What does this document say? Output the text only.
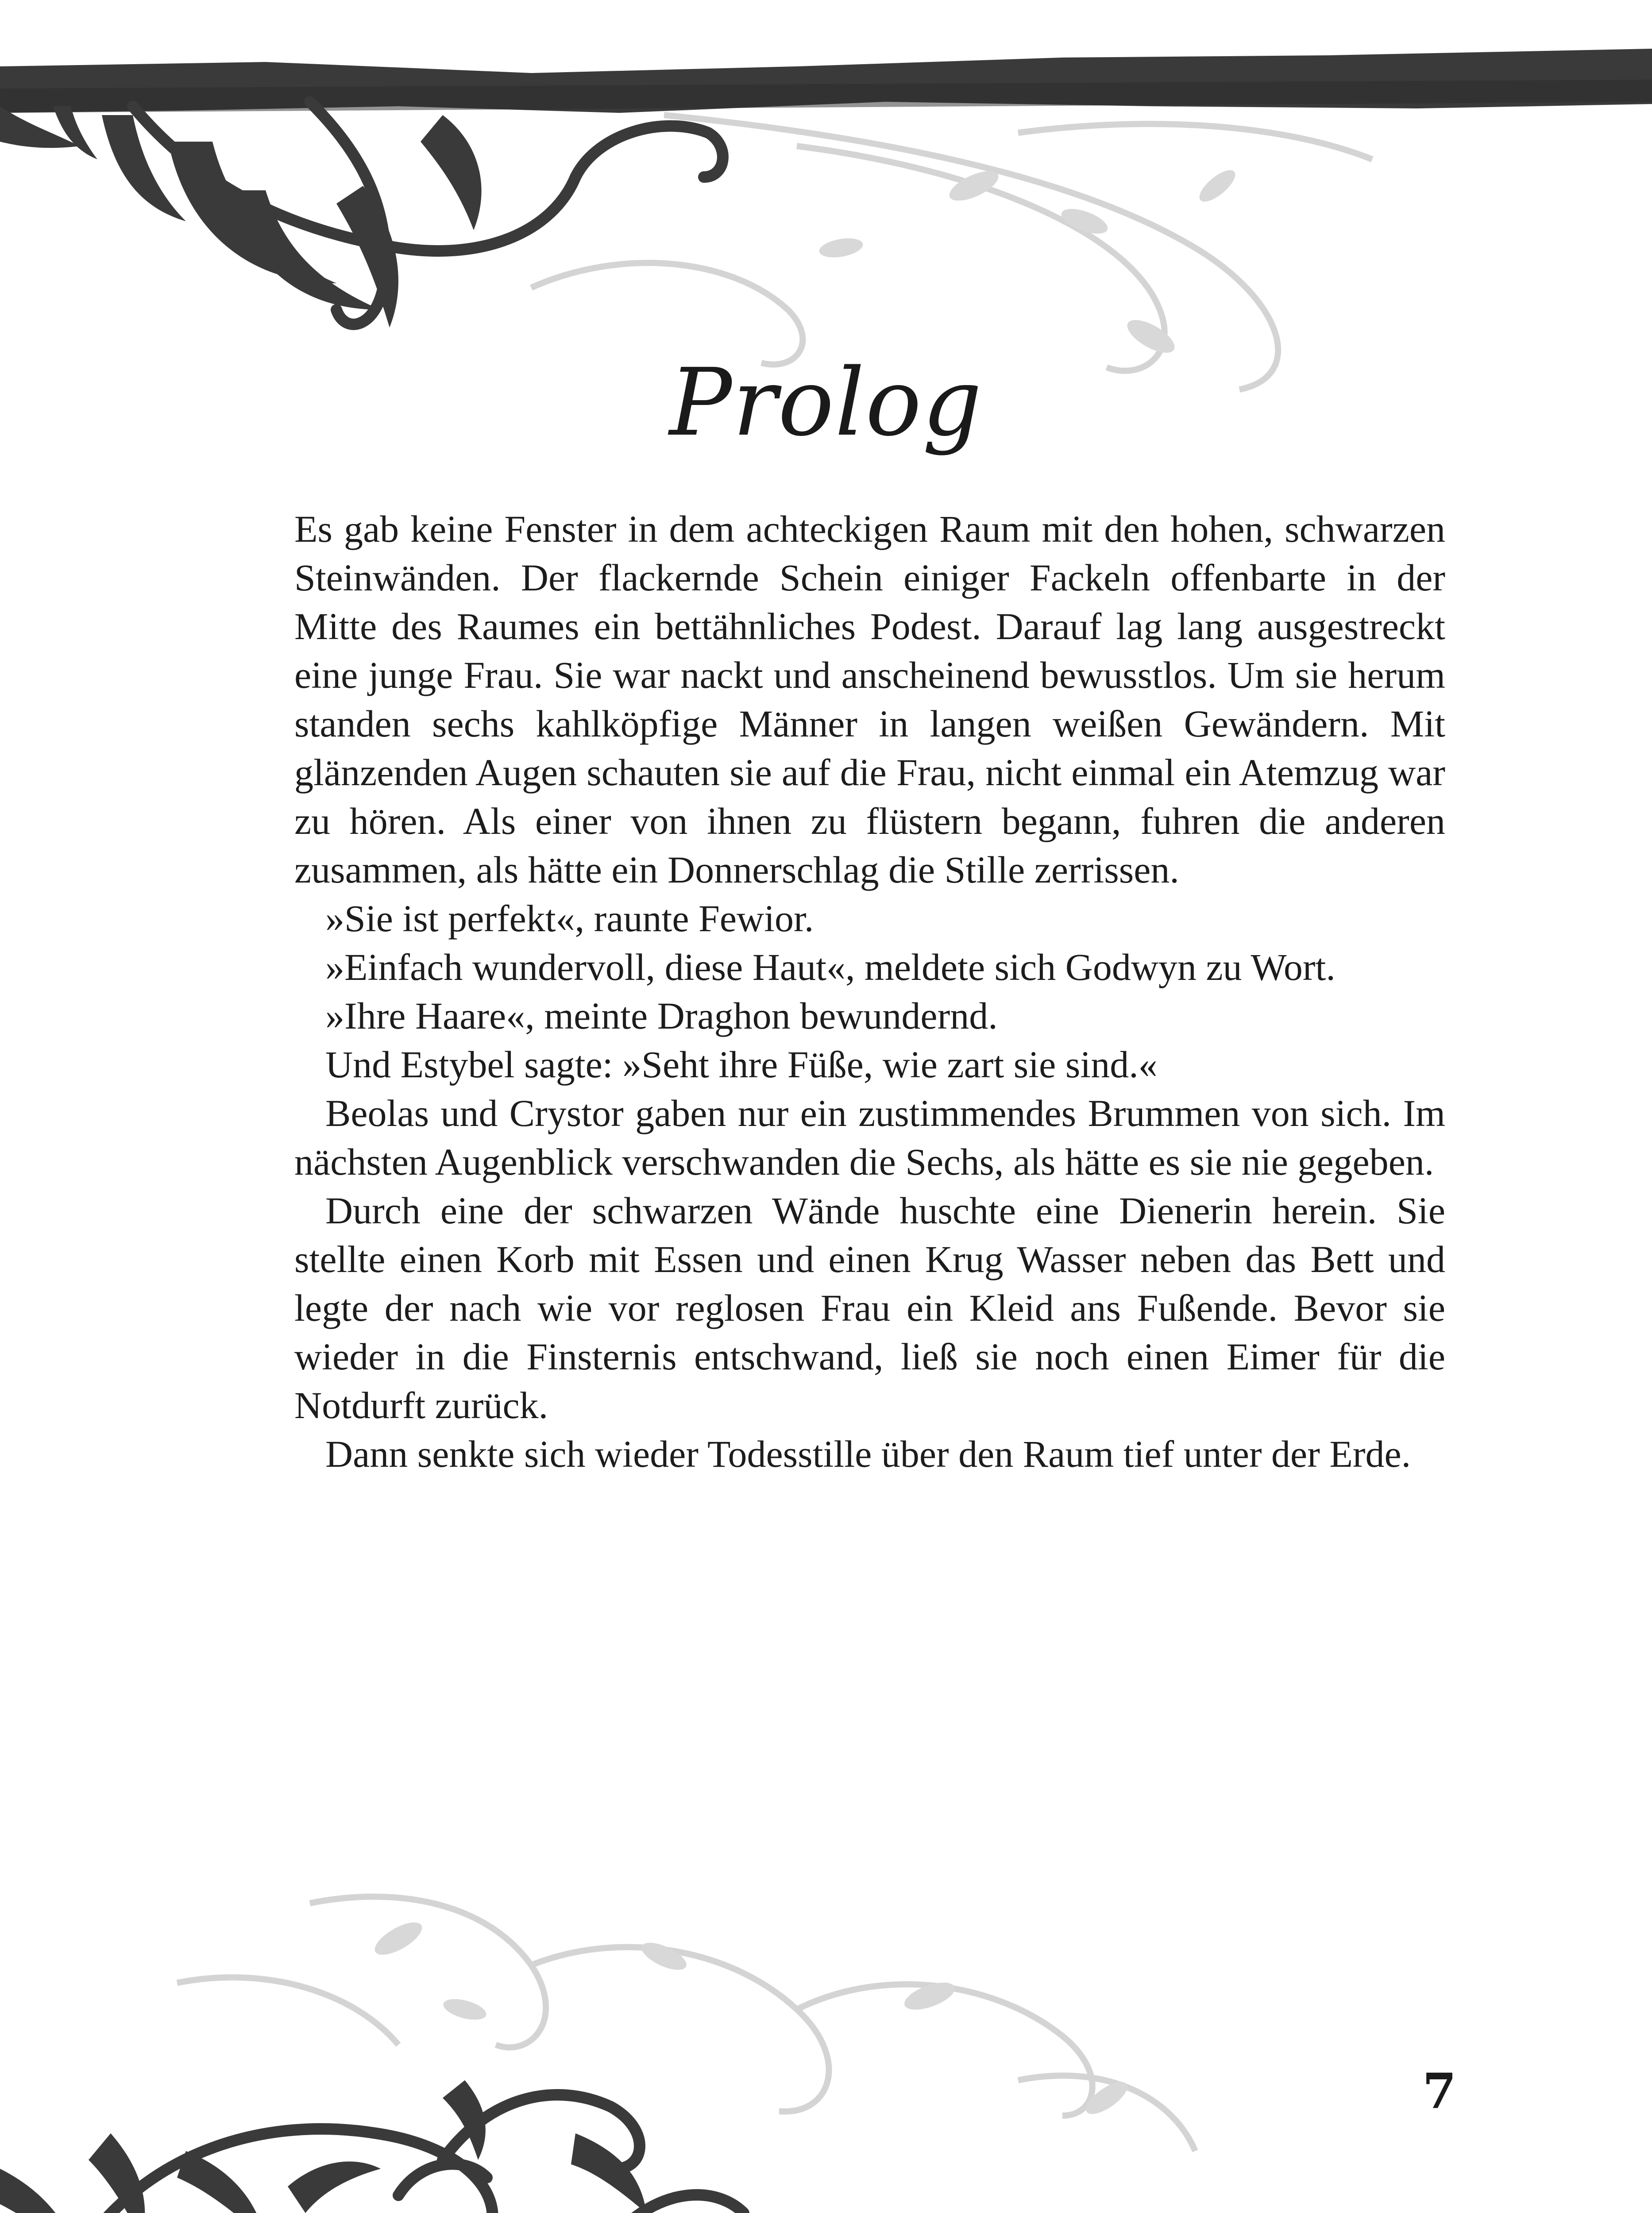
Prolog

Es gab keine Fenster in dem achteckigen Raum mit den hohen, schwarzen Steinwänden. Der flackernde Schein einiger Fackeln offenbarte in der Mitte des Raumes ein bettähnliches Podest. Darauf lag lang ausgestreckt eine junge Frau. Sie war nackt und anscheinend bewusstlos. Um sie herum standen sechs kahlköpfige Männer in langen weißen Gewändern. Mit glänzenden Augen schauten sie auf die Frau, nicht einmal ein Atemzug war zu hören. Als einer von ihnen zu flüstern begann, fuhren die anderen zusammen, als hätte ein Donnerschlag die Stille zerrissen.

»Sie ist perfekt«, raunte Fewior.

»Einfach wundervoll, diese Haut«, meldete sich Godwyn zu Wort.

»Ihre Haare«, meinte Draghon bewundernd.

Und Estybel sagte: »Seht ihre Füße, wie zart sie sind.«

Beolas und Crystor gaben nur ein zustimmendes Brummen von sich. Im nächsten Augenblick verschwanden die Sechs, als hätte es sie nie gegeben.

Durch eine der schwarzen Wände huschte eine Dienerin herein. Sie stellte einen Korb mit Essen und einen Krug Wasser neben das Bett und legte der nach wie vor reglosen Frau ein Kleid ans Fußende. Bevor sie wieder in die Finsternis entschwand, ließ sie noch einen Eimer für die Notdurft zurück.

Dann senkte sich wieder Todesstille über den Raum tief unter der Erde.

7
